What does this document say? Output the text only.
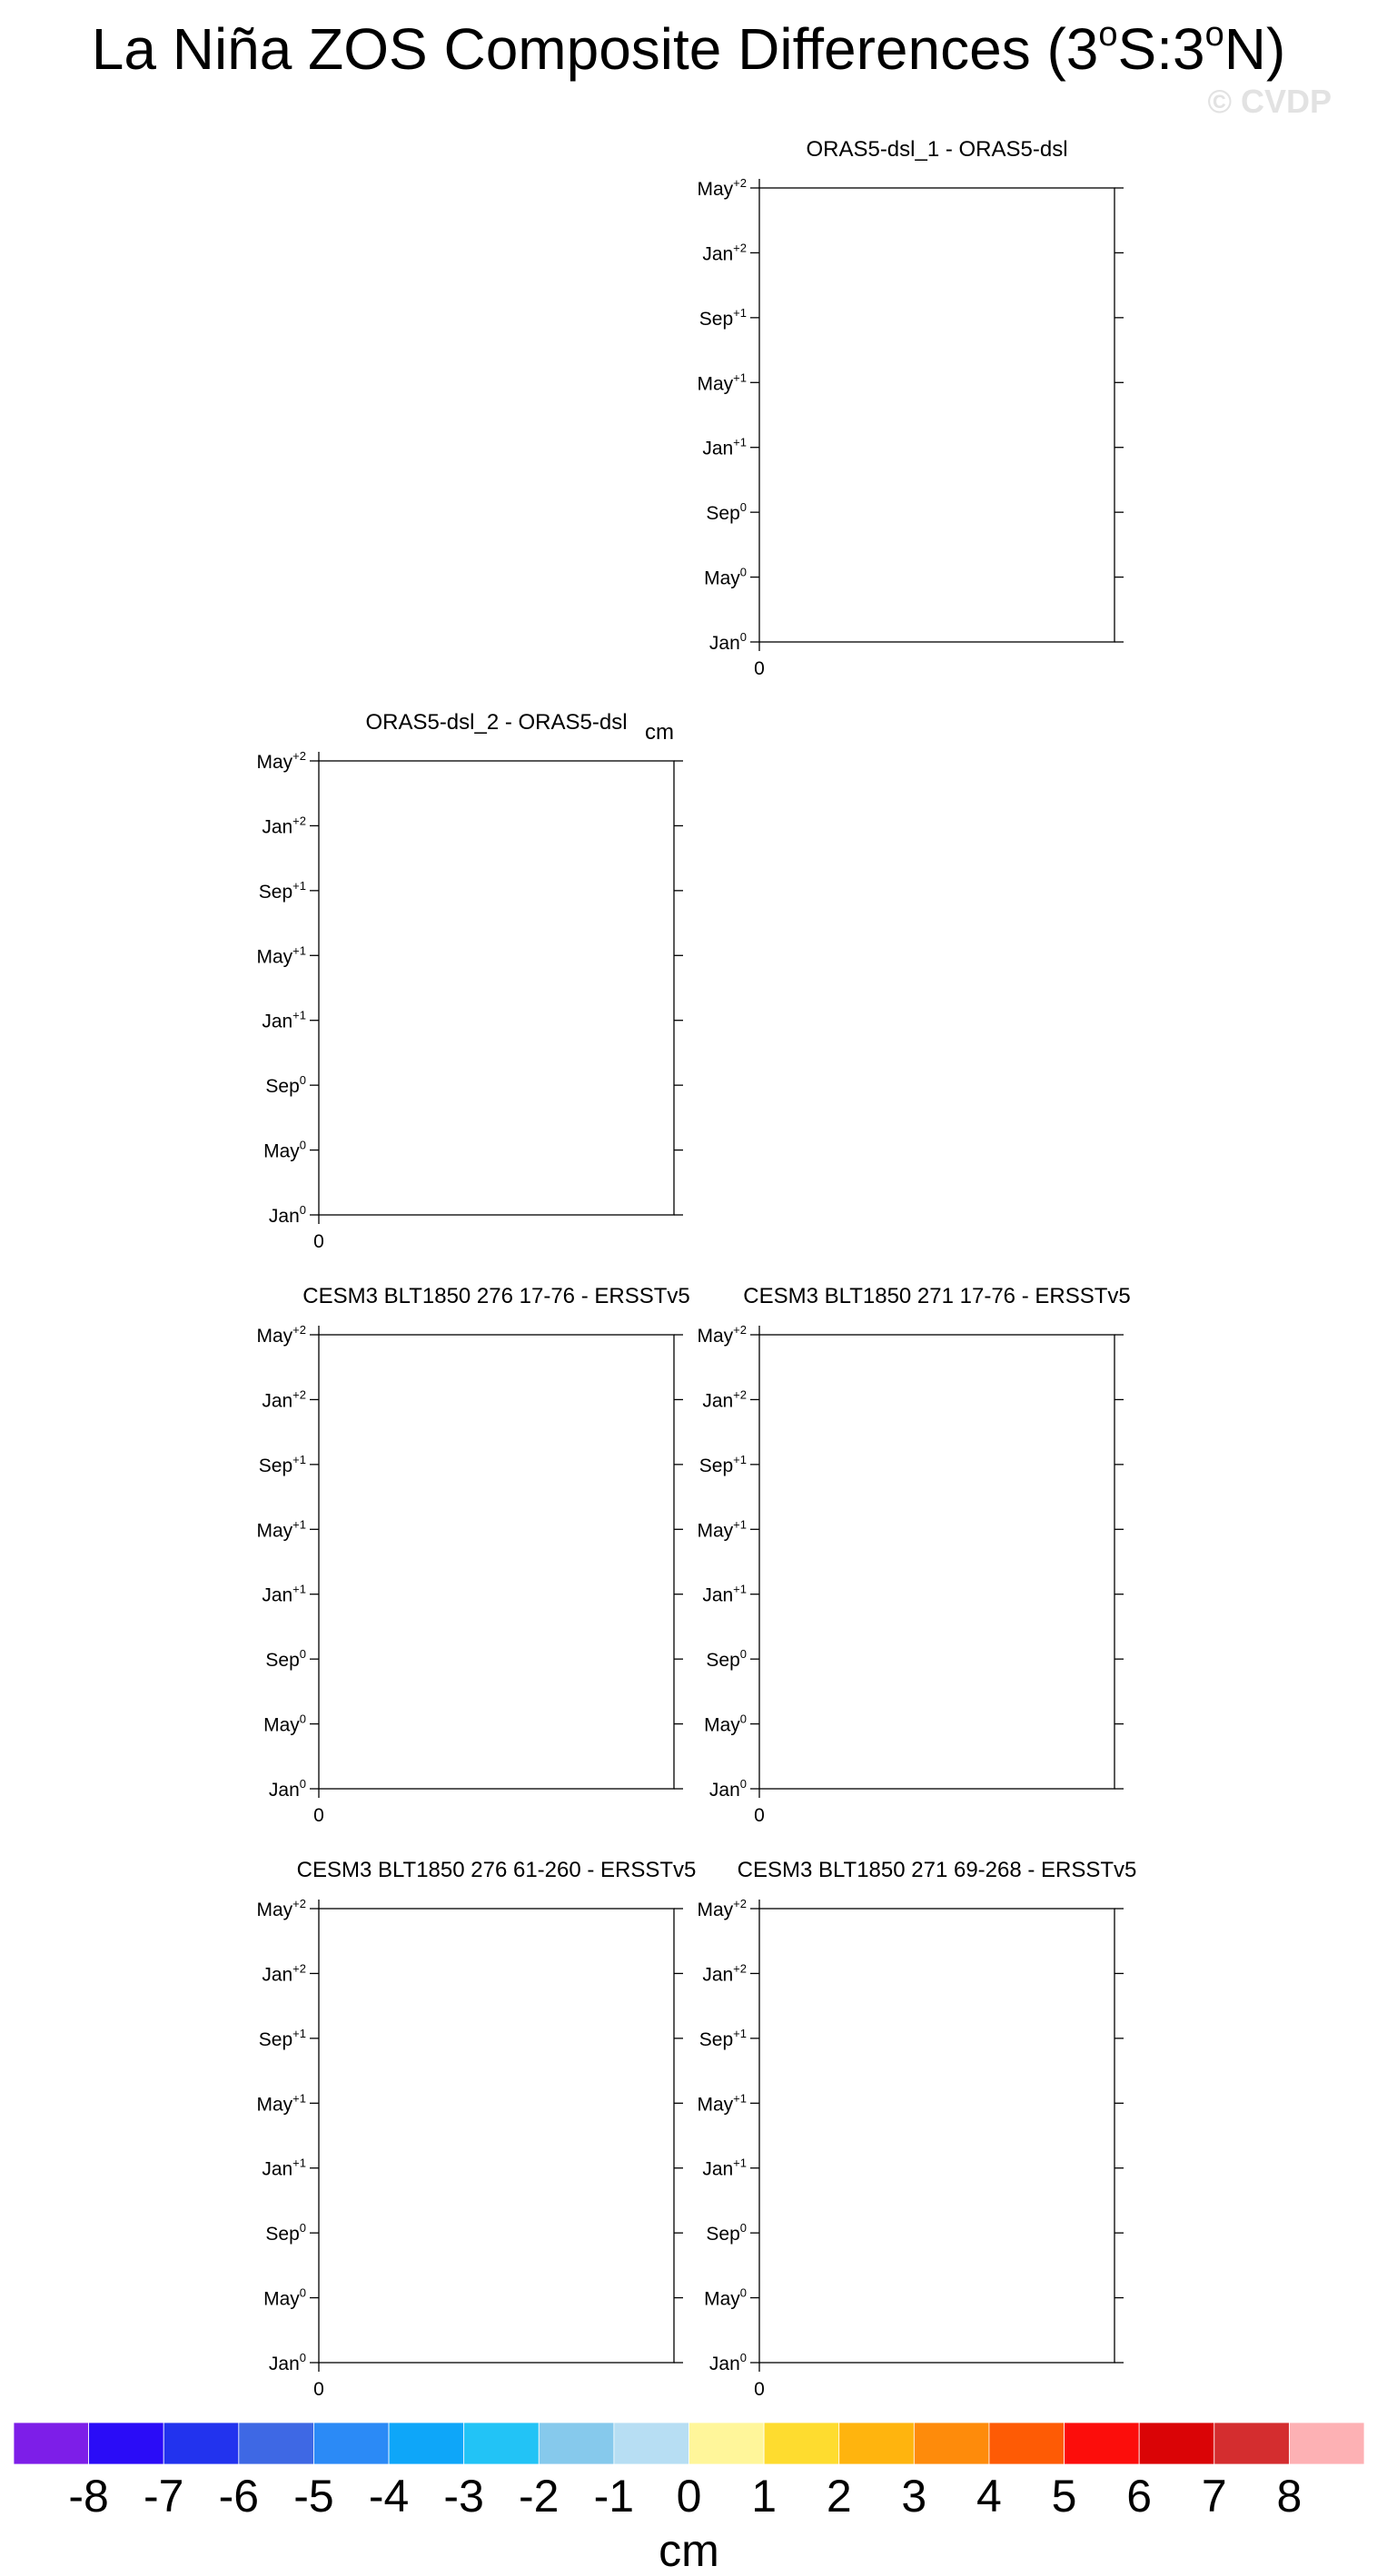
La Niña ZOS Composite Differences (3$^o$S:3$^o$N)
© CVDP
ORAS5-dsl_1 - ORAS5-dsl
Jan$^0$
May$^0$
Sep$^0$
Jan$^{+1}$
May$^{+1}$
Sep$^{+1}$
Jan$^{+2}$
May$^{+2}$
0
ORAS5-dsl_2 - ORAS5-dsl cm
Jan$^0$
May$^0$
Sep$^0$
Jan$^{+1}$
May$^{+1}$
Sep$^{+1}$
Jan$^{+2}$
May$^{+2}$
0
CESM3 BLT1850 276 17-76 - ERSSTv5
Jan$^0$
May$^0$
Sep$^0$
Jan$^{+1}$
May$^{+1}$
Sep$^{+1}$
Jan$^{+2}$
May$^{+2}$
0
CESM3 BLT1850 271 17-76 - ERSSTv5
Jan$^0$
May$^0$
Sep$^0$
Jan$^{+1}$
May$^{+1}$
Sep$^{+1}$
Jan$^{+2}$
May$^{+2}$
0
CESM3 BLT1850 276 61-260 - ERSSTv5
Jan$^0$
May$^0$
Sep$^0$
Jan$^{+1}$
May$^{+1}$
Sep$^{+1}$
Jan$^{+2}$
May$^{+2}$
0
CESM3 BLT1850 271 69-268 - ERSSTv5
Jan$^0$
May$^0$
Sep$^0$
Jan$^{+1}$
May$^{+1}$
Sep$^{+1}$
Jan$^{+2}$
May$^{+2}$
0
-8 -7 -6 -5 -4 -3 -2 -1 0 1 2 3 4 5 6 7 8
cm
